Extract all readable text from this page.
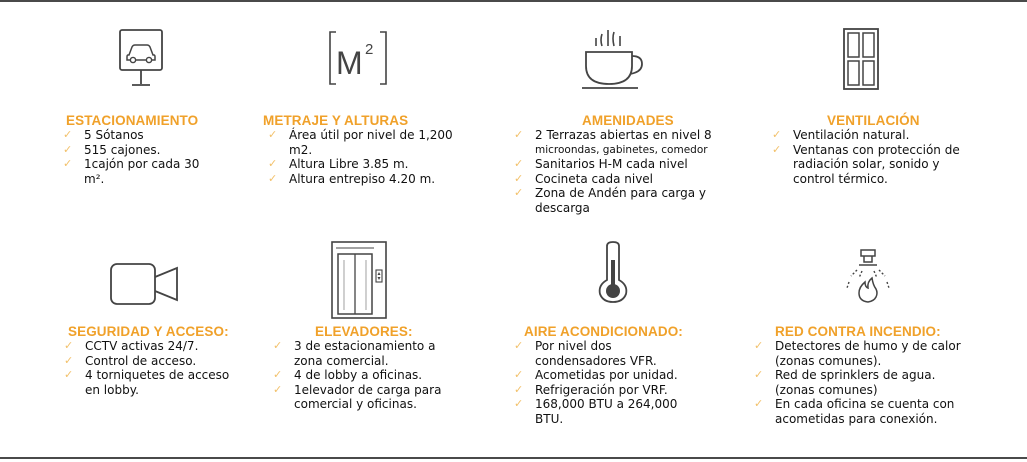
ESTACIONAMIENTO
✓ 5 Sótanos
✓ 515 cajones.
✓ 1cajón por cada 30
m².
M 2
METRAJE Y ALTURAS
✓ Área útil por nivel de 1,200
m2.
✓ Altura Libre 3.85 m.
✓ Altura entrepiso 4.20 m.
AMENIDADES
✓ 2 Terrazas abiertas en nivel 8
microondas, gabinetes, comedor
✓ Sanitarios H-M cada nivel
✓ Cocineta cada nivel
✓ Zona de Andén para carga y
descarga
VENTILACIÓN
✓ Ventilación natural.
✓ Ventanas con protección de
radiación solar, sonido y
control térmico.
SEGURIDAD Y ACCESO:
✓ CCTV activas 24/7.
✓ Control de acceso.
✓ 4 torniquetes de acceso
en lobby.
ELEVADORES:
✓ 3 de estacionamiento a
zona comercial.
✓ 4 de lobby a oficinas.
✓ 1elevador de carga para
comercial y oficinas.
AIRE ACONDICIONADO:
✓ Por nivel dos
condensadores VFR.
✓ Acometidas por unidad.
✓ Refrigeración por VRF.
✓ 168,000 BTU a 264,000
BTU.
RED CONTRA INCENDIO:
✓ Detectores de humo y de calor
(zonas comunes).
✓ Red de sprinklers de agua.
(zonas comunes)
✓ En cada oficina se cuenta con
acometidas para conexión.
